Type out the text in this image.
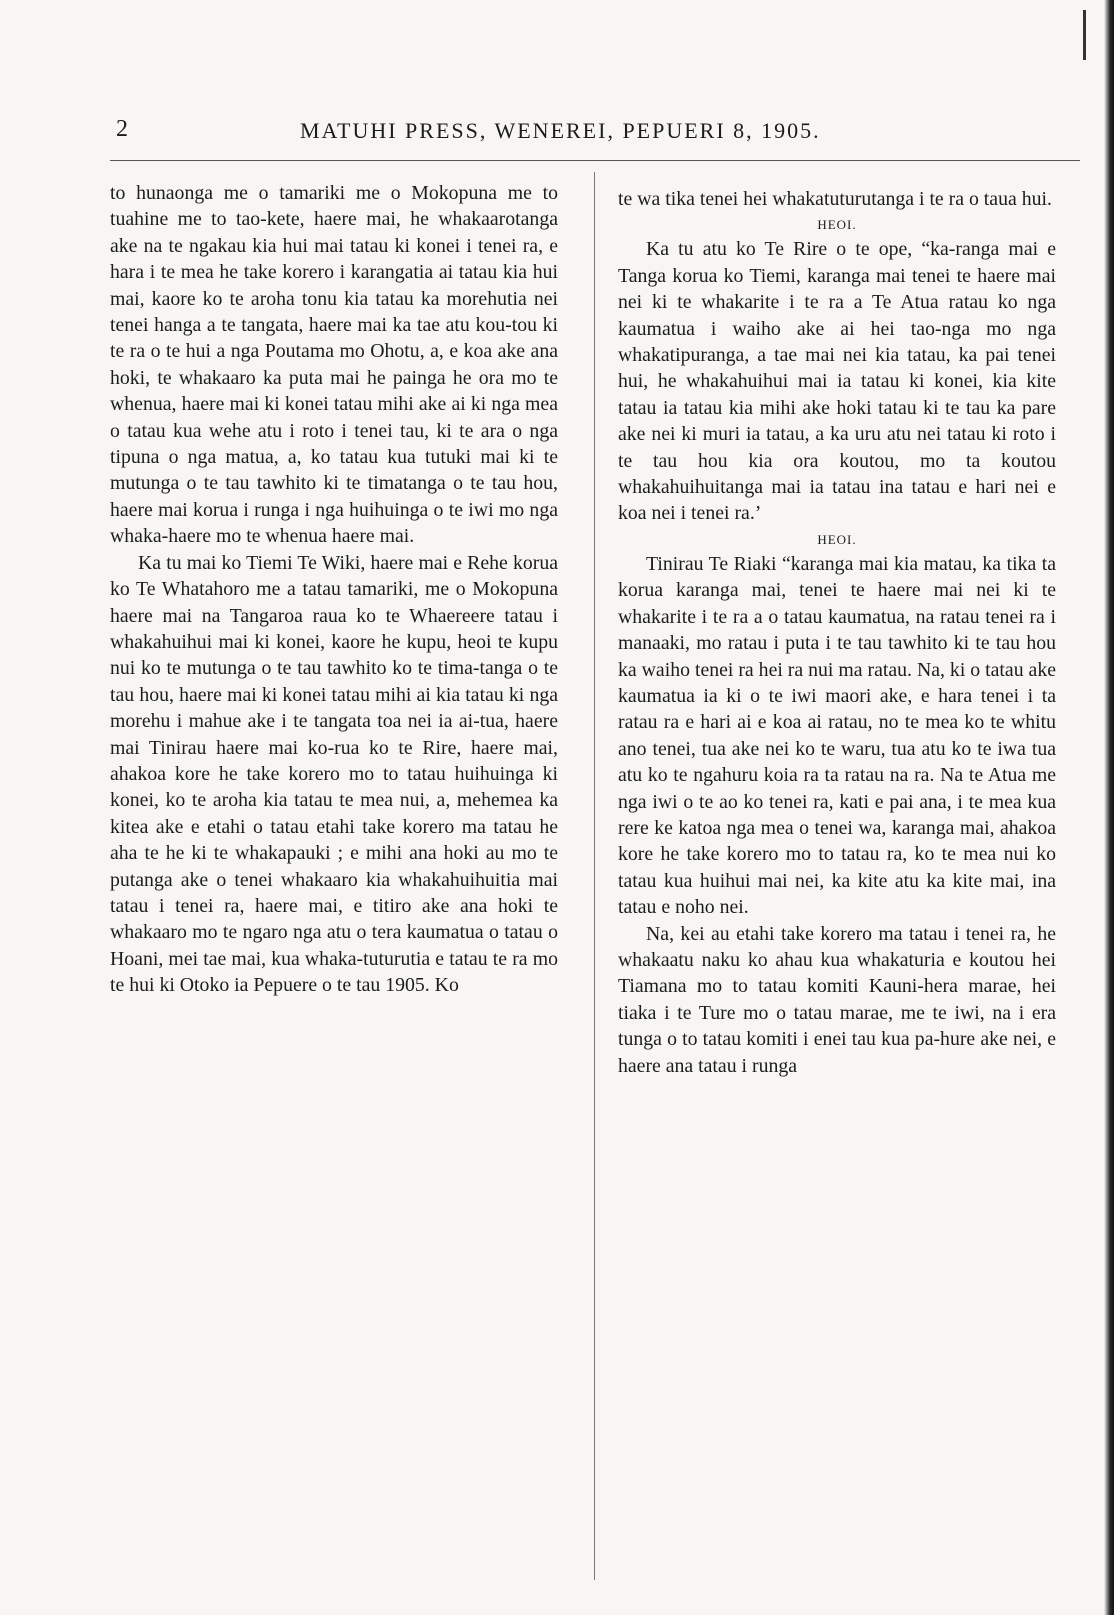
2	MATUHI PRESS, WENEREI, PEPUERI 8, 1905.

to hunaonga me o tamariki me o Mokopuna me to tuahine me to tao-kete, haere mai, he whakaarotanga ake na te ngakau kia hui mai tatau ki konei i tenei ra, e hara i te mea he take korero i karangatia ai tatau kia hui mai, kaore ko te aroha tonu kia tatau ka morehutia nei tenei hanga a te tangata, haere mai ka tae atu kou-tou ki te ra o te hui a nga Poutama mo Ohotu, a, e koa ake ana hoki, te whakaaro ka puta mai he painga he ora mo te whenua, haere mai ki konei tatau mihi ake ai ki nga mea o tatau kua wehe atu i roto i tenei tau, ki te ara o nga tipuna o nga matua, a, ko tatau kua tutuki mai ki te mutunga o te tau tawhito ki te timatanga o te tau hou, haere mai korua i runga i nga huihuinga o te iwi mo nga whaka-haere mo te whenua haere mai.

Ka tu mai ko Tiemi Te Wiki, haere mai e Rehe korua ko Te Whatahoro me a tatau tamariki, me o Mokopuna haere mai na Tangaroa raua ko te Whaereere tatau i whakahuihui mai ki konei, kaore he kupu, heoi te kupu nui ko te mutunga o te tau tawhito ko te tima-tanga o te tau hou, haere mai ki konei tatau mihi ai kia tatau ki nga morehu i mahue ake i te tangata toa nei ia ai-tua, haere mai Tinirau haere mai ko-rua ko te Rire, haere mai, ahakoa kore he take korero mo to tatau huihuinga ki konei, ko te aroha kia tatau te mea nui, a, mehemea ka kitea ake e etahi o tatau etahi take korero ma tatau he aha te he ki te whakapauki ; e mihi ana hoki au mo te putanga ake o tenei whakaaro kia whakahuihuitia mai tatau i tenei ra, haere mai, e titiro ake ana hoki te whakaaro mo te ngaro nga atu o tera kaumatua o tatau o Hoani, mei tae mai, kua whaka-tuturutia e tatau te ra mo te hui ki Otoko ia Pepuere o te tau 1905. Ko

te wa tika tenei hei whakatuturutanga i te ra o taua hui.

HEOI.

Ka tu atu ko Te Rire o te ope, “ka-ranga mai e Tanga korua ko Tiemi, karanga mai tenei te haere mai nei ki te whakarite i te ra a Te Atua ratau ko nga kaumatua i waiho ake ai hei tao-nga mo nga whakatipuranga, a tae mai nei kia tatau, ka pai tenei hui, he whakahuihui mai ia tatau ki konei, kia kite tatau ia tatau kia mihi ake hoki tatau ki te tau ka pare ake nei ki muri ia tatau, a ka uru atu nei tatau ki roto i te tau hou kia ora koutou, mo ta koutou whakahuihuitanga mai ia tatau ina tatau e hari nei e koa nei i tenei ra.’

HEOI.

Tinirau Te Riaki “karanga mai kia matau, ka tika ta korua karanga mai, tenei te haere mai nei ki te whakarite i te ra a o tatau kaumatua, na ratau tenei ra i manaaki, mo ratau i puta i te tau tawhito ki te tau hou ka waiho tenei ra hei ra nui ma ratau. Na, ki o tatau ake kaumatua ia ki o te iwi maori ake, e hara tenei i ta ratau ra e hari ai e koa ai ratau, no te mea ko te whitu ano tenei, tua ake nei ko te waru, tua atu ko te iwa tua atu ko te ngahuru koia ra ta ratau na ra. Na te Atua me nga iwi o te ao ko tenei ra, kati e pai ana, i te mea kua rere ke katoa nga mea o tenei wa, karanga mai, ahakoa kore he take korero mo to tatau ra, ko te mea nui ko tatau kua huihui mai nei, ka kite atu ka kite mai, ina tatau e noho nei.

Na, kei au etahi take korero ma tatau i tenei ra, he whakaatu naku ko ahau kua whakaturia e koutou hei Tiamana mo to tatau komiti Kauni-hera marae, hei tiaka i te Ture mo o tatau marae, me te iwi, na i era tunga o to tatau komiti i enei tau kua pa-hure ake nei, e haere ana tatau i runga
